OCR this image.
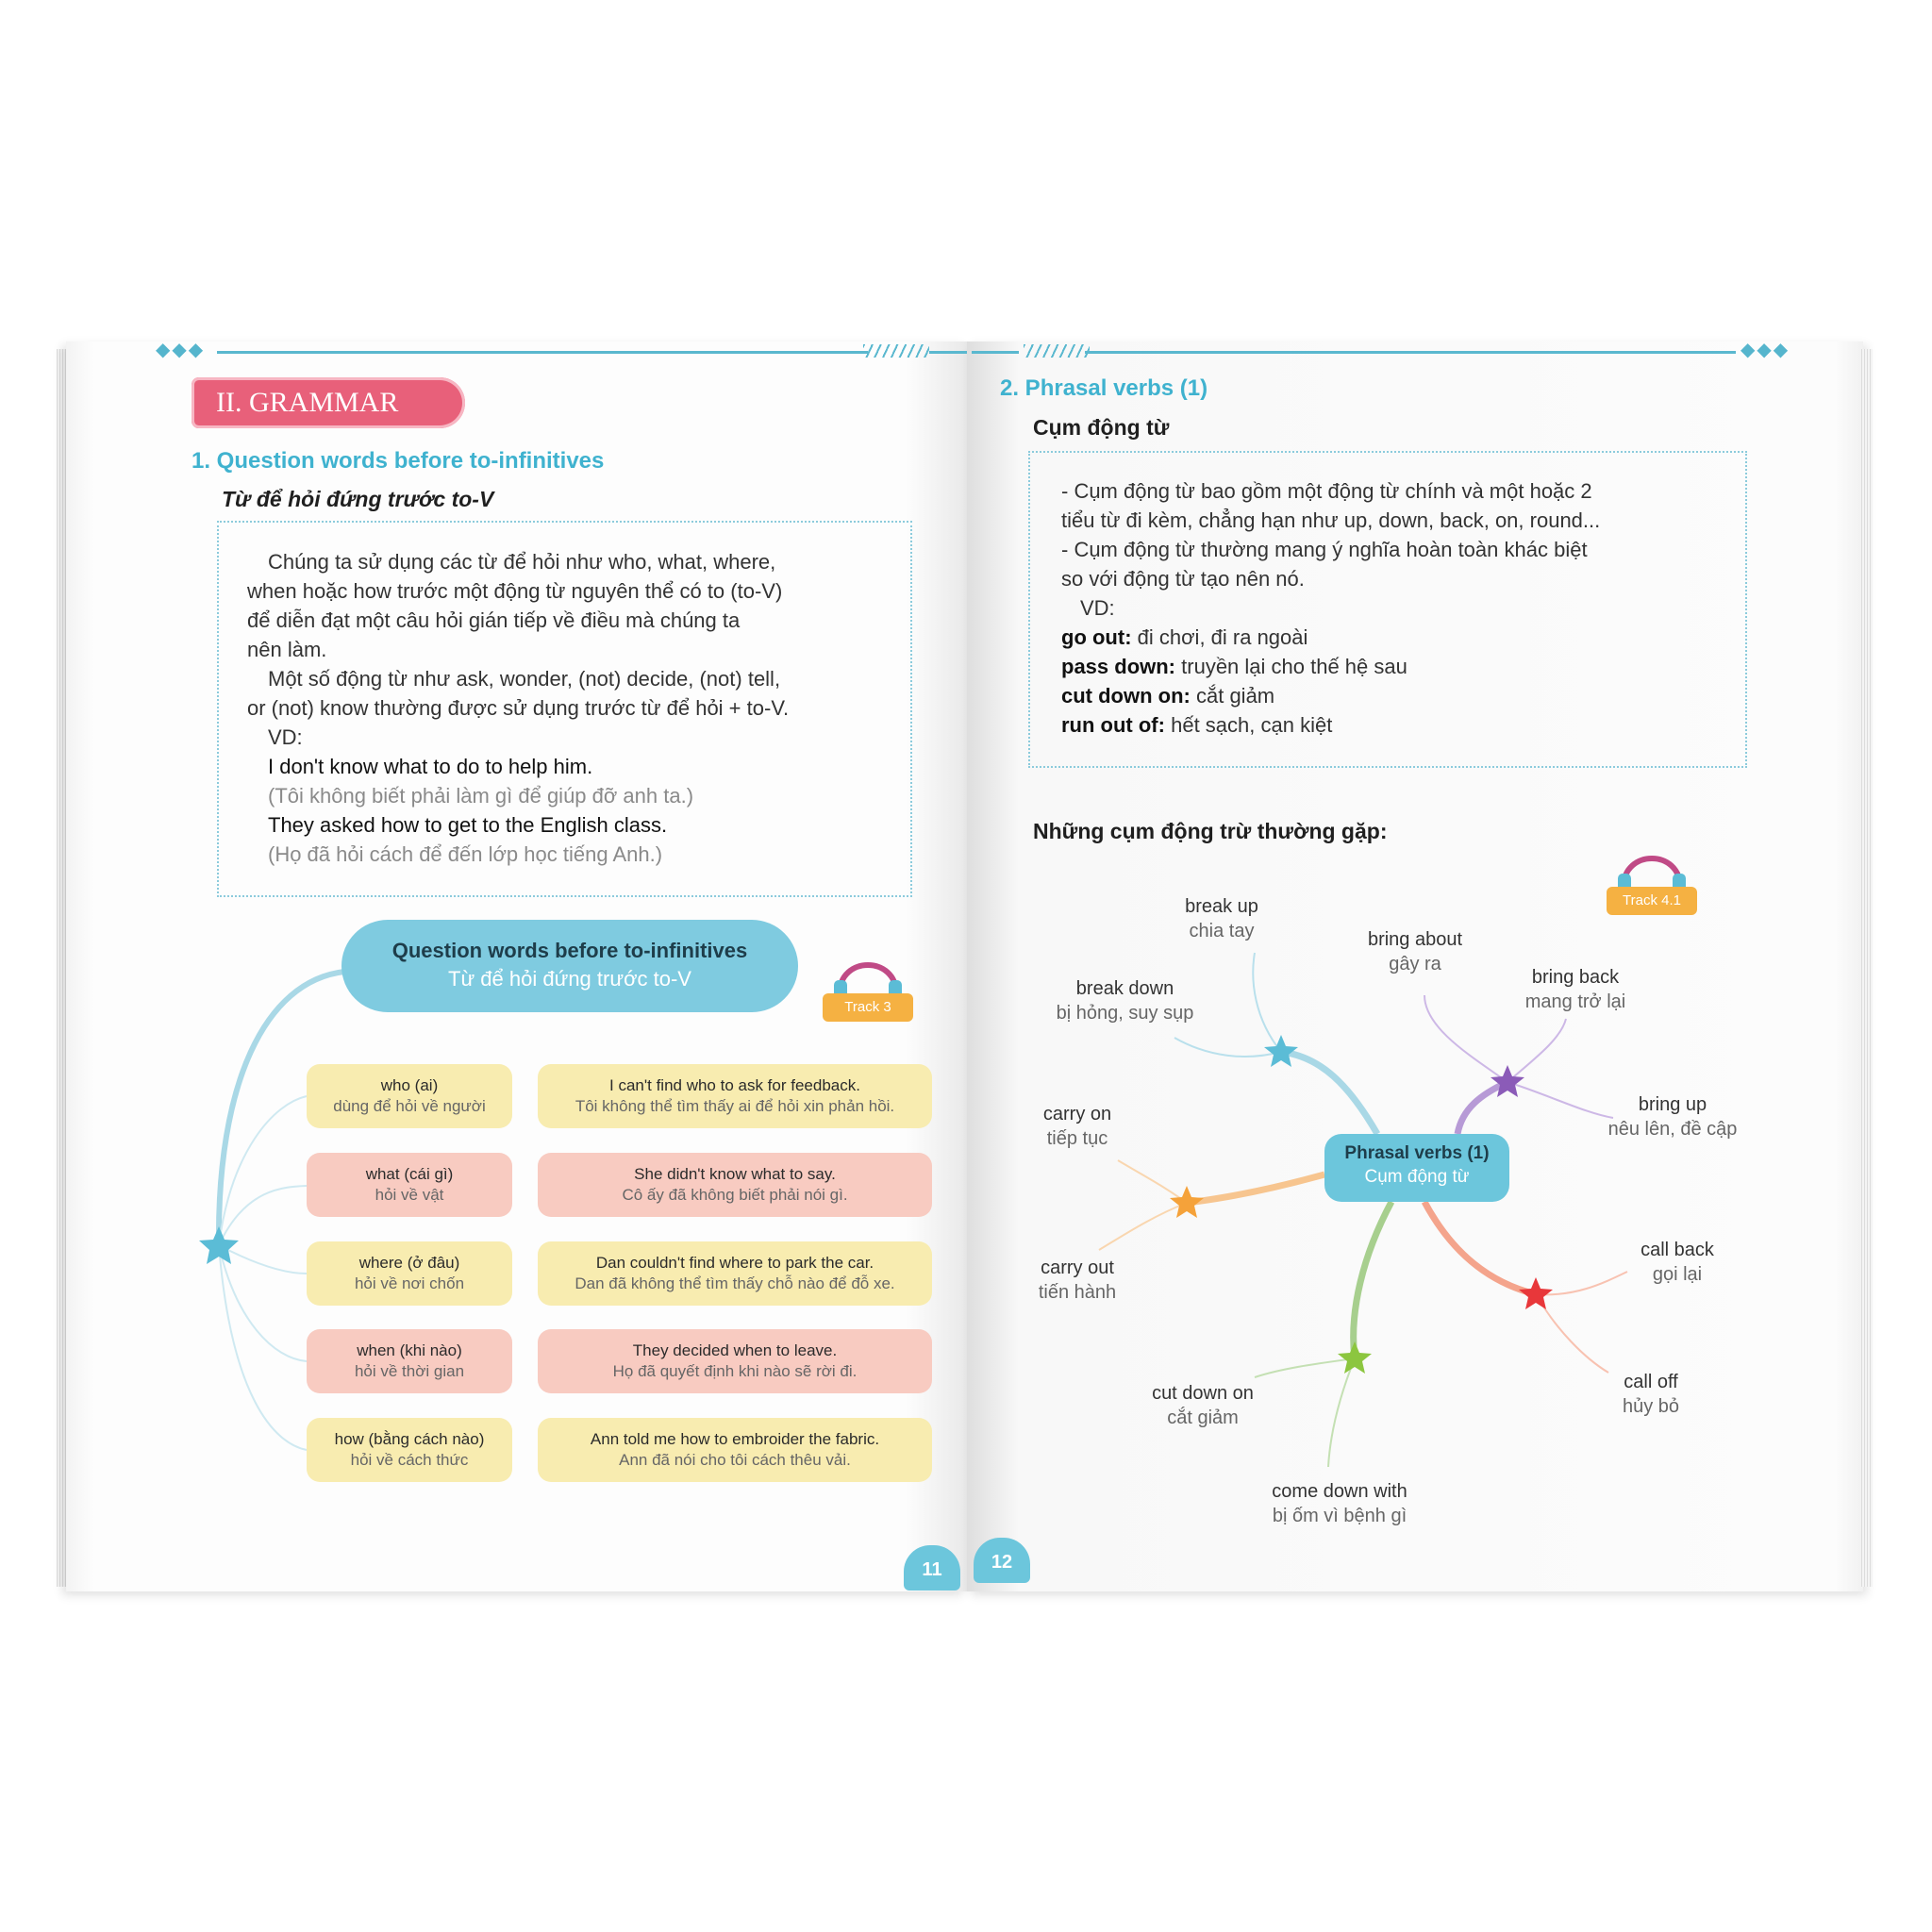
◆◆◆	◆◆◆
II. GRAMMAR
1. Question words before to-infinitives
Từ để hỏi đứng trước to-V
Chúng ta sử dụng các từ để hỏi như who, what, where,
when hoặc how trước một động từ nguyên thể có to (to-V)
để diễn đạt một câu hỏi gián tiếp về điều mà chúng ta
nên làm.
Một số động từ như ask, wonder, (not) decide, (not) tell,
or (not) know thường được sử dụng trước từ để hỏi + to-V.
VD:
I don't know what to do to help him.
(Tôi không biết phải làm gì để giúp đỡ anh ta.)
They asked how to get to the English class.
(Họ đã hỏi cách để đến lớp học tiếng Anh.)
Question words before to-infinitives
Từ để hỏi đứng trước to-V
Track 3
who (ai)
dùng để hỏi về người
I can't find who to ask for feedback.
Tôi không thể tìm thấy ai để hỏi xin phản hồi.
what (cái gì)
hỏi về vật
She didn't know what to say.
Cô ấy đã không biết phải nói gì.
where (ở đâu)
hỏi về nơi chốn
Dan couldn't find where to park the car.
Dan đã không thể tìm thấy chỗ nào để đỗ xe.
when (khi nào)
hỏi về thời gian
They decided when to leave.
Họ đã quyết định khi nào sẽ rời đi.
how (bằng cách nào)
hỏi về cách thức
Ann told me how to embroider the fabric.
Ann đã nói cho tôi cách thêu vải.
11
2. Phrasal verbs (1)
Cụm động từ
- Cụm động từ bao gồm một động từ chính và một hoặc 2
tiểu từ đi kèm, chẳng hạn như up, down, back, on, round...
- Cụm động từ thường mang ý nghĩa hoàn toàn khác biệt
so với động từ tạo nên nó.
VD:
go out: đi chơi, đi ra ngoài
pass down: truyền lại cho thế hệ sau
cut down on: cắt giảm
run out of: hết sạch, cạn kiệt
Những cụm động trừ thường gặp:
Track 4.1
Phrasal verbs (1)
Cụm động từ
break up
chia tay	bring about
gây ra
bring back
mang trở lại
break down
bị hỏng, suy sụp
bring up
nêu lên, đề cập
carry on
tiếp tục
carry out
tiến hành
call back
gọi lại
call off
hủy bỏ
cut down on
cắt giảm
come down with
bị ốm vì bệnh gì
12
